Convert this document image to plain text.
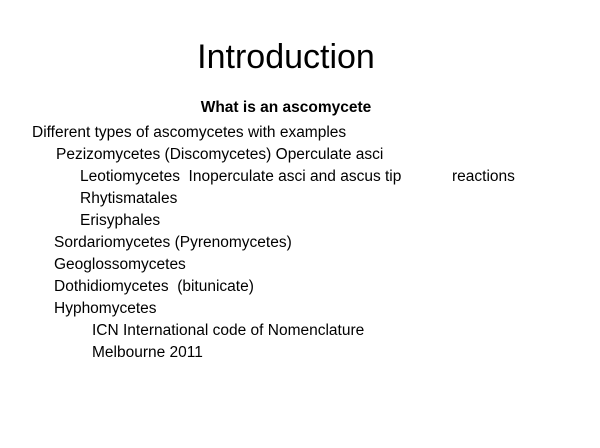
Introduction
What is an ascomycete
Different types of ascomycetes with examples
Pezizomycetes (Discomycetes) Operculate asci
Leotiomycetes  Inoperculate asci and ascus tip	reactions
Rhytismatales
Erisyphales
Sordariomycetes (Pyrenomycetes)
Geoglossomycetes
Dothidiomycetes  (bitunicate)
Hyphomycetes
ICN International code of Nomenclature
Melbourne 2011
